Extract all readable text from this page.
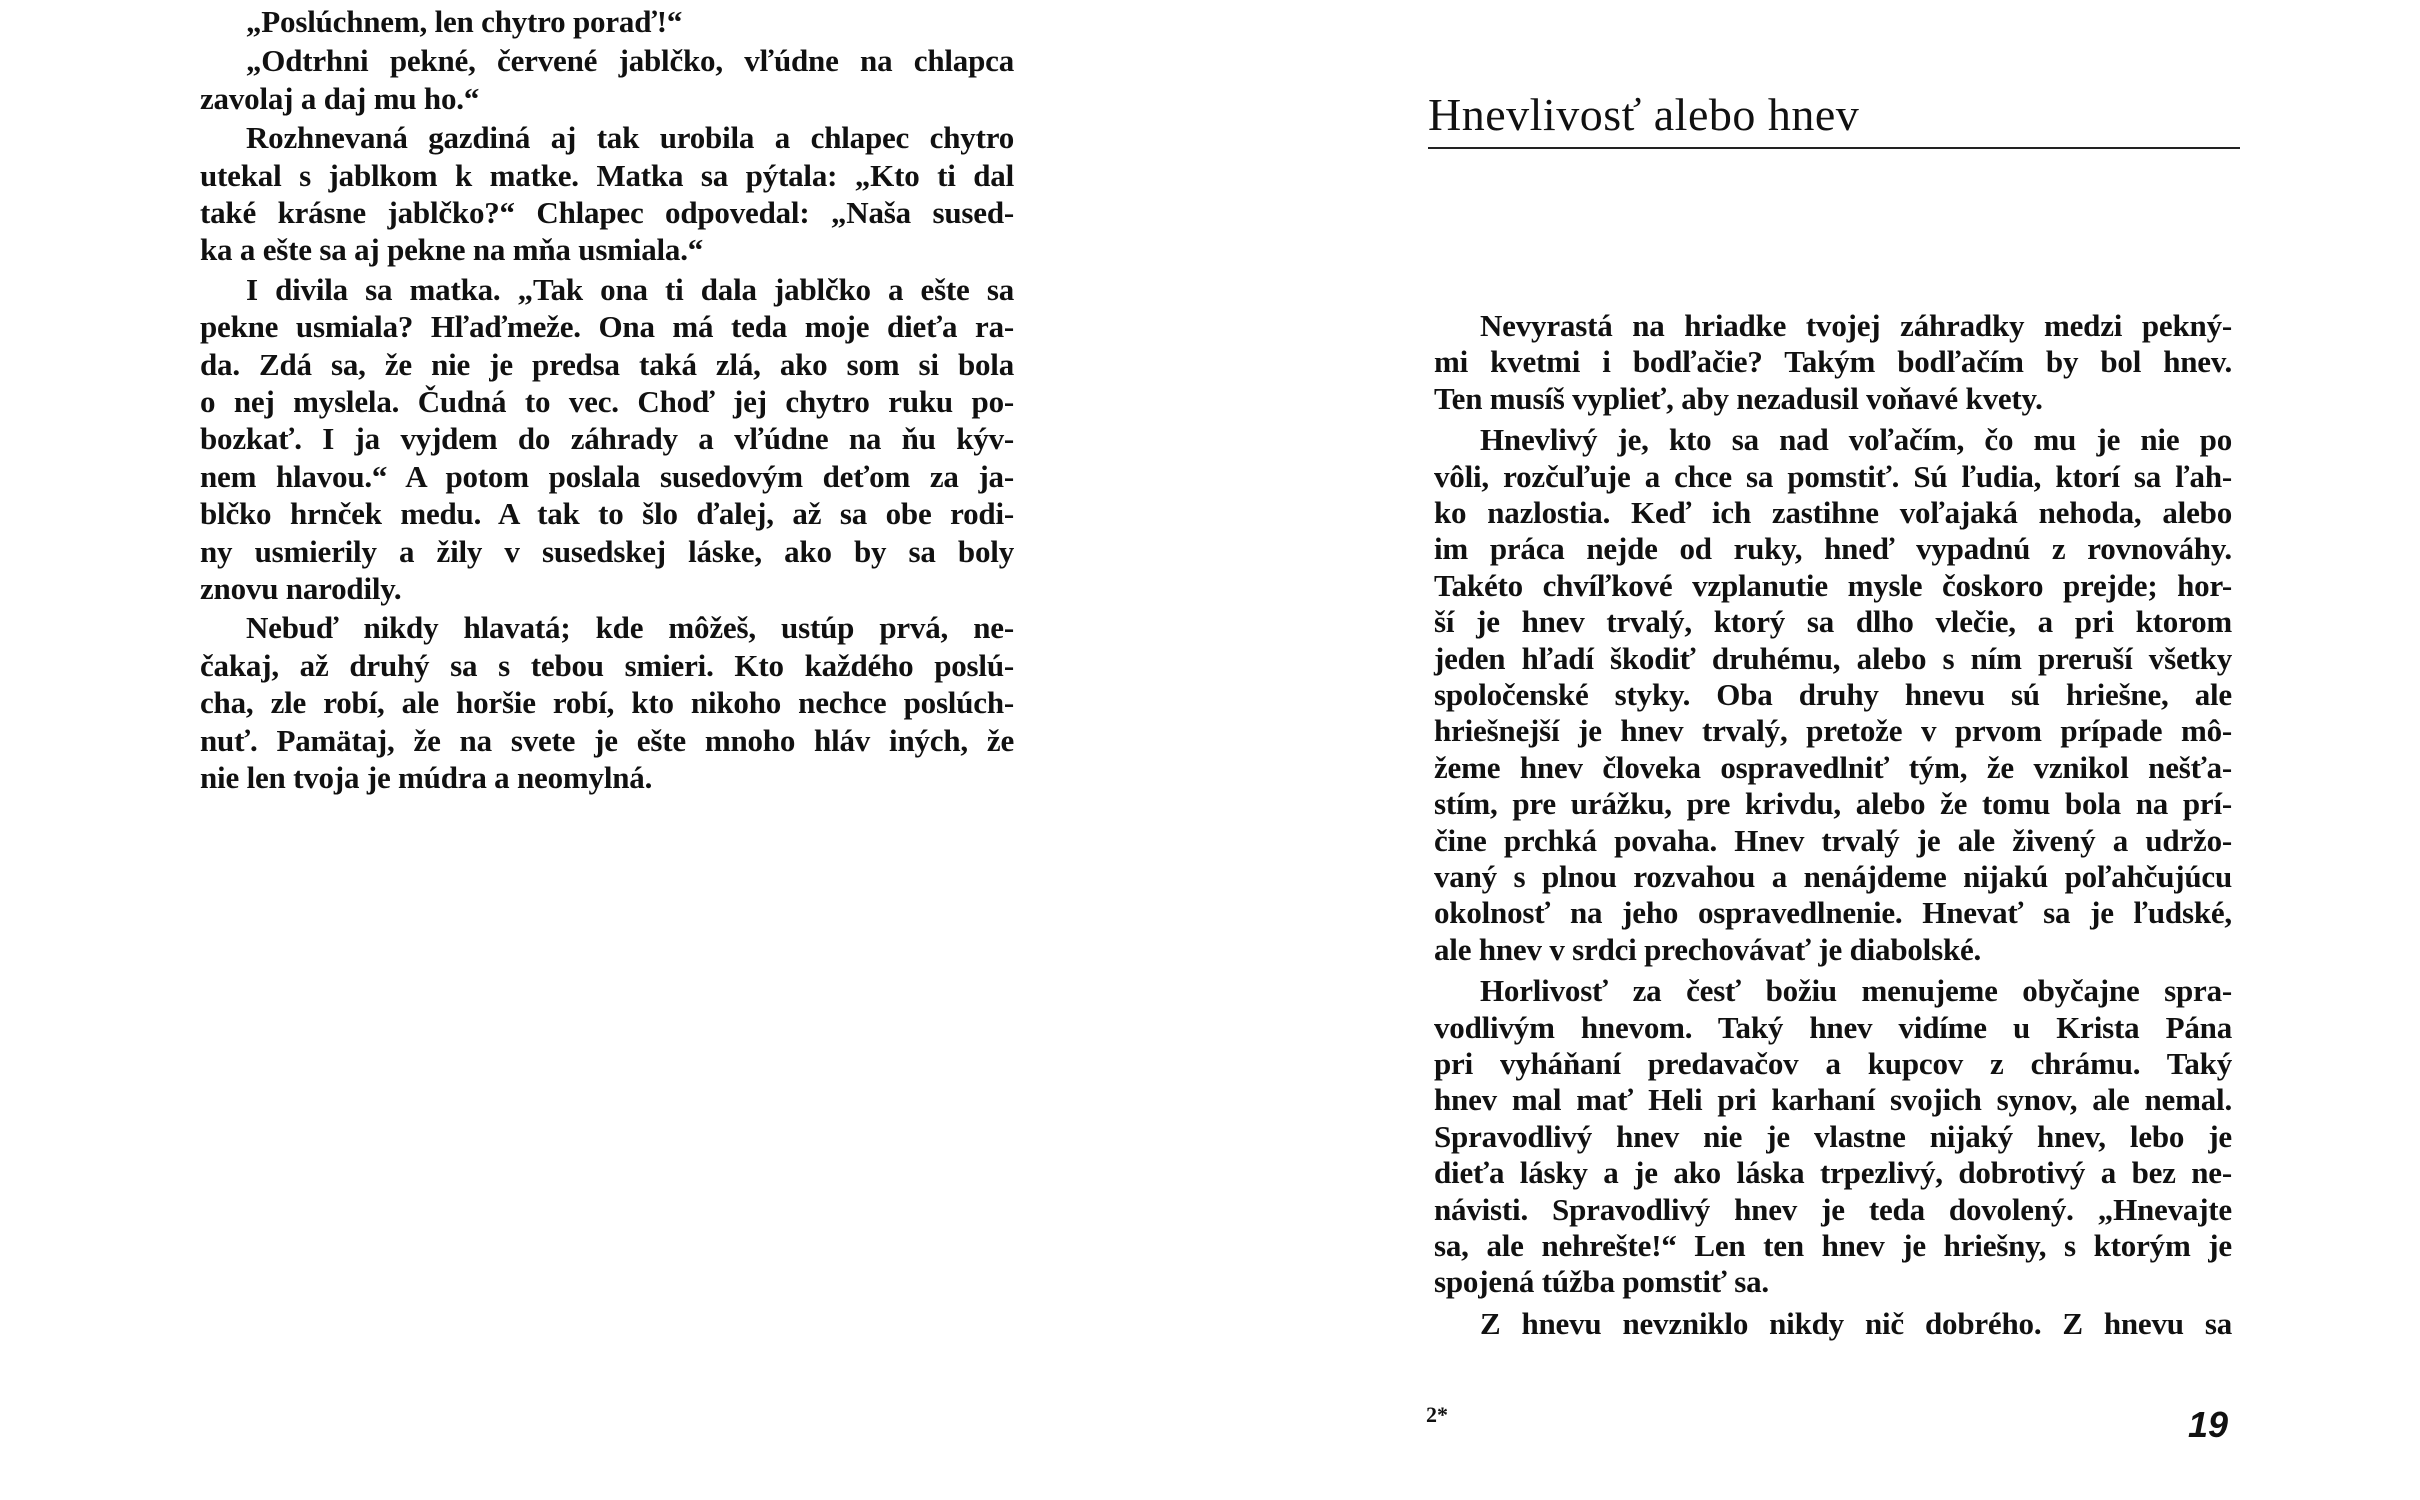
„Poslúchnem, len chytro poraď!“
„Odtrhni pekné, červené jablčko, vľúdne na chlapca
zavolaj a daj mu ho.“
Rozhnevaná gazdiná aj tak urobila a chlapec chytro
utekal s jablkom k matke. Matka sa pýtala: „Kto ti dal
také krásne jablčko?“ Chlapec odpovedal: „Naša sused-
ka a ešte sa aj pekne na mňa usmiala.“
I divila sa matka. „Tak ona ti dala jablčko a ešte sa
pekne usmiala? Hľaďmeže. Ona má teda moje dieťa ra-
da. Zdá sa, že nie je predsa taká zlá, ako som si bola
o nej myslela. Čudná to vec. Choď jej chytro ruku po-
bozkať. I ja vyjdem do záhrady a vľúdne na ňu kýv-
nem hlavou.“ A potom poslala susedovým deťom za ja-
blčko hrnček medu. A tak to šlo ďalej, až sa obe rodi-
ny usmierily a žily v susedskej láske, ako by sa boly
znovu narodily.
Nebuď nikdy hlavatá; kde môžeš, ustúp prvá, ne-
čakaj, až druhý sa s tebou smieri. Kto každého poslú-
cha, zle robí, ale horšie robí, kto nikoho nechce poslúch-
nuť. Pamätaj, že na svete je ešte mnoho hláv iných, že
nie len tvoja je múdra a neomylná.
Hnevlivosť alebo hnev
Nevyrastá na hriadke tvojej záhradky medzi pekný-
mi kvetmi i bodľačie? Takým bodľačím by bol hnev.
Ten musíš vyplieť, aby nezadusil voňavé kvety.
Hnevlivý je, kto sa nad voľačím, čo mu je nie po
vôli, rozčuľuje a chce sa pomstiť. Sú ľudia, ktorí sa ľah-
ko nazlostia. Keď ich zastihne voľajaká nehoda, alebo
im práca nejde od ruky, hneď vypadnú z rovnováhy.
Takéto chvíľkové vzplanutie mysle čoskoro prejde; hor-
ší je hnev trvalý, ktorý sa dlho vlečie, a pri ktorom
jeden hľadí škodiť druhému, alebo s ním preruší všetky
spoločenské styky. Oba druhy hnevu sú hriešne, ale
hriešnejší je hnev trvalý, pretože v prvom prípade mô-
žeme hnev človeka ospravedlniť tým, že vznikol nešťa-
stím, pre urážku, pre krivdu, alebo že tomu bola na prí-
čine prchká povaha. Hnev trvalý je ale živený a udržo-
vaný s plnou rozvahou a nenájdeme nijakú poľahčujúcu
okolnosť na jeho ospravedlnenie. Hnevať sa je ľudské,
ale hnev v srdci prechovávať je diabolské.
Horlivosť za česť božiu menujeme obyčajne spra-
vodlivým hnevom. Taký hnev vidíme u Krista Pána
pri vyháňaní predavačov a kupcov z chrámu. Taký
hnev mal mať Heli pri karhaní svojich synov, ale nemal.
Spravodlivý hnev nie je vlastne nijaký hnev, lebo je
dieťa lásky a je ako láska trpezlivý, dobrotivý a bez ne-
návisti. Spravodlivý hnev je teda dovolený. „Hnevajte
sa, ale nehrešte!“ Len ten hnev je hriešny, s ktorým je
spojená túžba pomstiť sa.
Z hnevu nevzniklo nikdy nič dobrého. Z hnevu sa
2*	19
